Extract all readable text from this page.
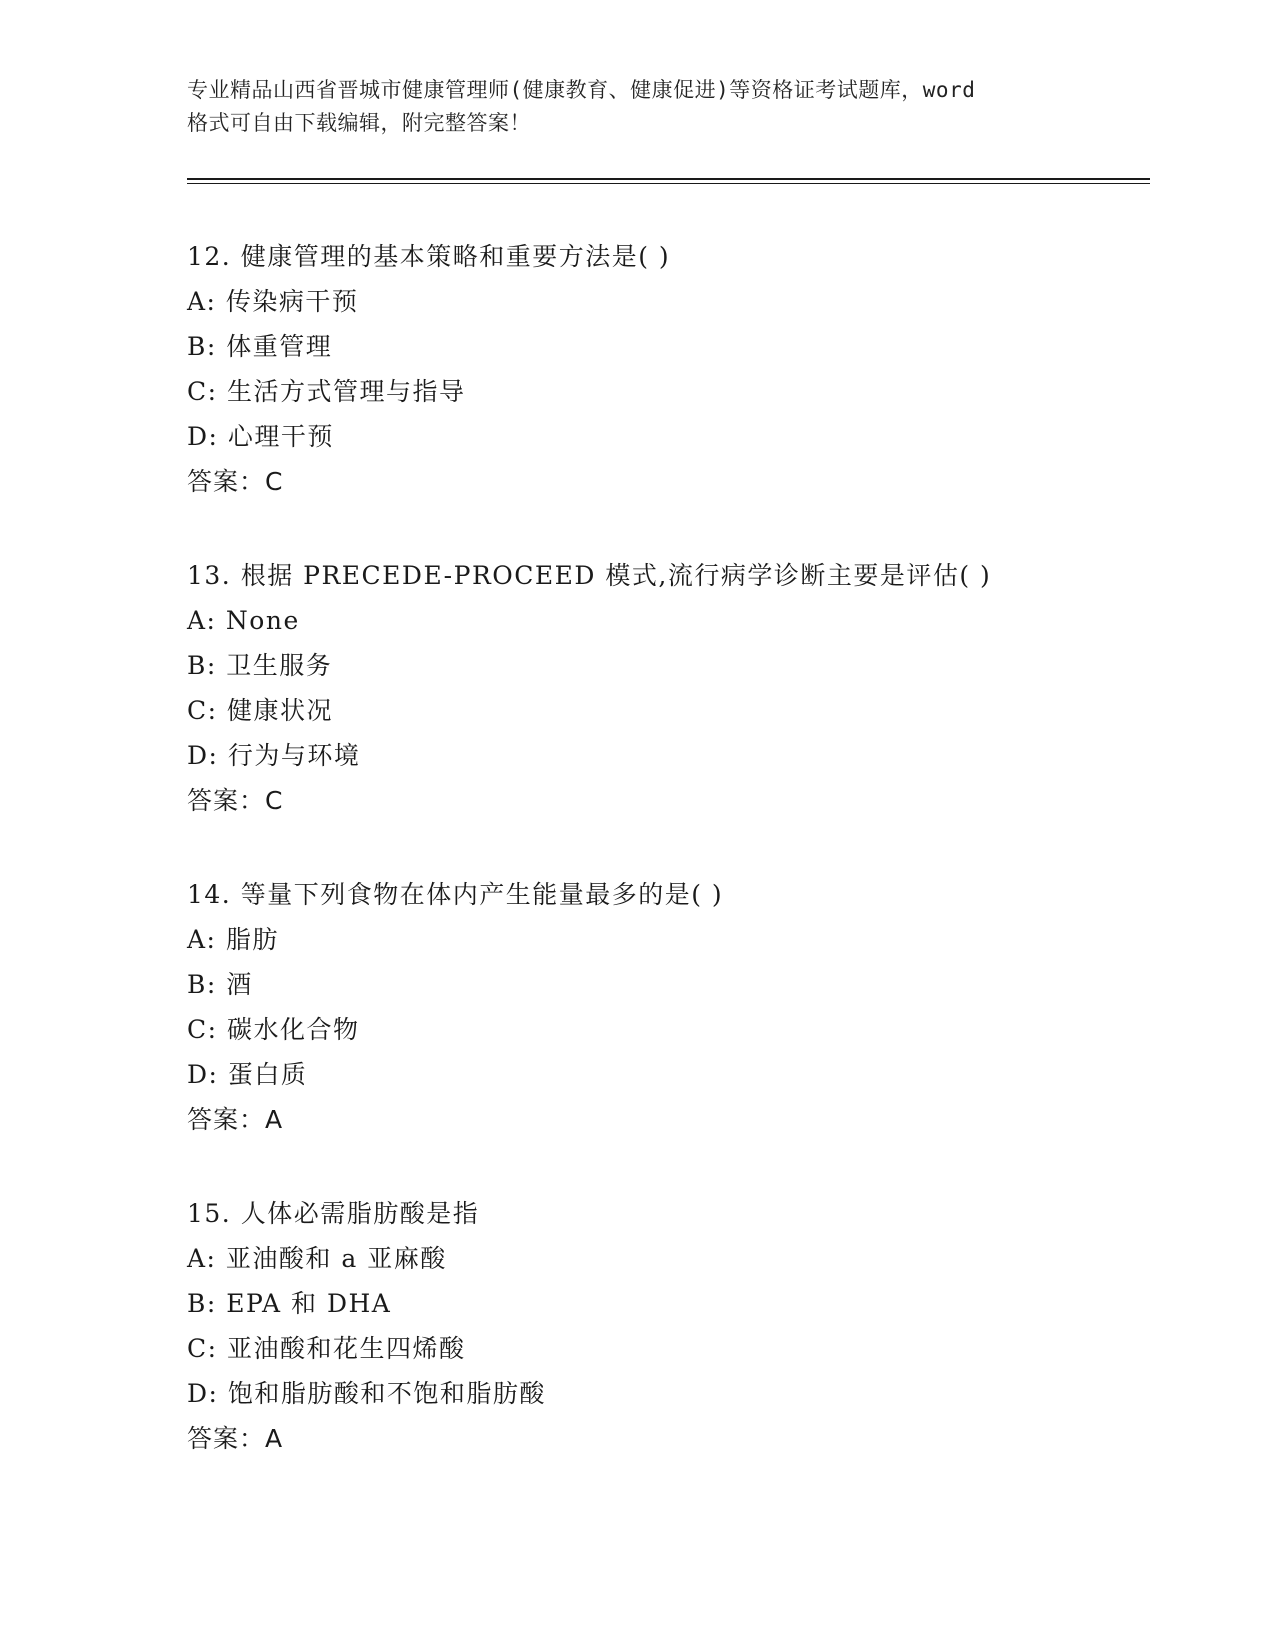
专业精品山西省晋城市健康管理师(健康教育、健康促进)等资格证考试题库，word
格式可自由下载编辑，附完整答案！
12. 健康管理的基本策略和重要方法是( )
A: 传染病干预
B: 体重管理
C: 生活方式管理与指导
D: 心理干预
答案：C
13. 根据 PRECEDE-PROCEED 模式,流行病学诊断主要是评估( )
A: None
B: 卫生服务
C: 健康状况
D: 行为与环境
答案：C
14. 等量下列食物在体内产生能量最多的是( )
A: 脂肪
B: 酒
C: 碳水化合物
D: 蛋白质
答案：A
15. 人体必需脂肪酸是指
A: 亚油酸和 a 亚麻酸
B: EPA 和 DHA
C: 亚油酸和花生四烯酸
D: 饱和脂肪酸和不饱和脂肪酸
答案：A
